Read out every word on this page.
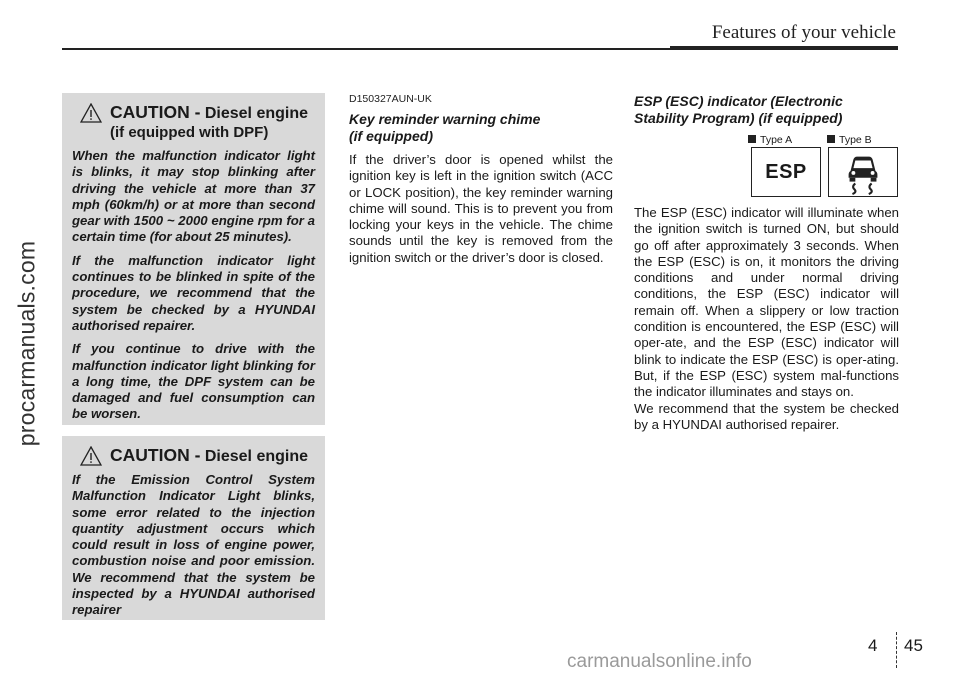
Features of your vehicle
procarmanuals.com
CAUTION - Diesel engine
(if equipped with DPF)

When the malfunction indicator light is blinks, it may stop blinking after driving the vehicle at more than 37 mph (60km/h) or at more than second gear with 1500 ~ 2000 engine rpm for a certain time (for about 25 minutes).

If the malfunction indicator light continues to be blinked in spite of the procedure, we recommend that the system be checked by a HYUNDAI authorised repairer.

If you continue to drive with the malfunction indicator light blinking for a long time, the DPF system can be damaged and fuel consumption can be worsen.

CAUTION - Diesel engine

If the Emission Control System Malfunction Indicator Light blinks, some error related to the injection quantity adjustment occurs which could result in loss of engine power, combustion noise and poor emission. We recommend that the system be inspected by a HYUNDAI authorised repairer

D150327AUN-UK
Key reminder warning chime
(if equipped)

If the driver’s door is opened whilst the ignition key is left in the ignition switch (ACC or LOCK position), the key reminder warning chime will sound. This is to prevent you from locking your keys in the vehicle. The chime sounds until the key is removed from the ignition switch or the driver’s door is closed.

ESP (ESC) indicator (Electronic
Stability Program) (if equipped)
Type A	Type B
ESP

The ESP (ESC) indicator will illuminate when the ignition switch is turned ON, but should go off after approximately 3 seconds. When the ESP (ESC) is on, it monitors the driving conditions and under normal driving conditions, the ESP (ESC) indicator will remain off. When a slippery or low traction condition is encountered, the ESP (ESC) will oper-ate, and the ESP (ESC) indicator will blink to indicate the ESP (ESC) is oper-ating. But, if the ESP (ESC) system mal-functions the indicator illuminates and stays on.

We recommend that the system be checked by a HYUNDAI authorised repairer.

4 45
carmanualsonline.info
